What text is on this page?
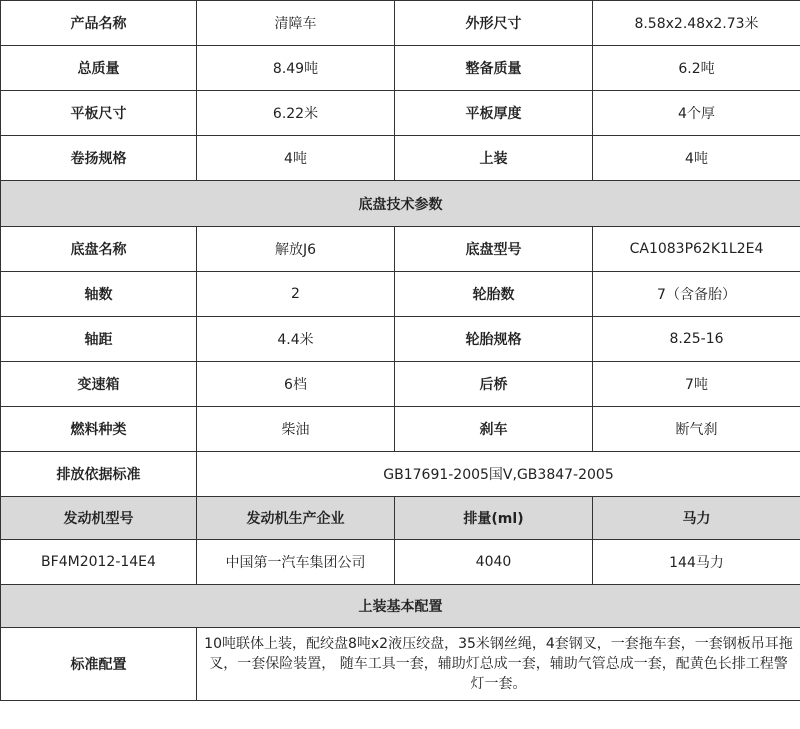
产品名称	清障车	外形尺寸	8.58x2.48x2.73米
总质量	8.49吨	整备质量	6.2吨
平板尺寸	6.22米	平板厚度	4个厚
卷扬规格	4吨	上装	4吨
底盘技术参数			
底盘名称	解放J6	底盘型号	CA1083P62K1L2E4
轴数	2	轮胎数	7（含备胎）
轴距	4.4米	轮胎规格	8.25-16
变速箱	6档	后桥	7吨
燃料种类	柴油	刹车	断气刹
排放依据标准	GB17691-2005国Ⅴ,GB3847-2005		
发动机型号	发动机生产企业	排量(ml)	马力
BF4M2012-14E4	中国第一汽车集团公司	4040	144马力
上装基本配置			
标准配置	10吨联体上装，配绞盘8吨x2液压绞盘，35米钢丝绳，4套钢叉，一套拖车套，一套钢板吊耳拖叉，一套保险装置， 随车工具一套，辅助灯总成一套，辅助气管总成一套，配黄色长排工程警灯一套。		
